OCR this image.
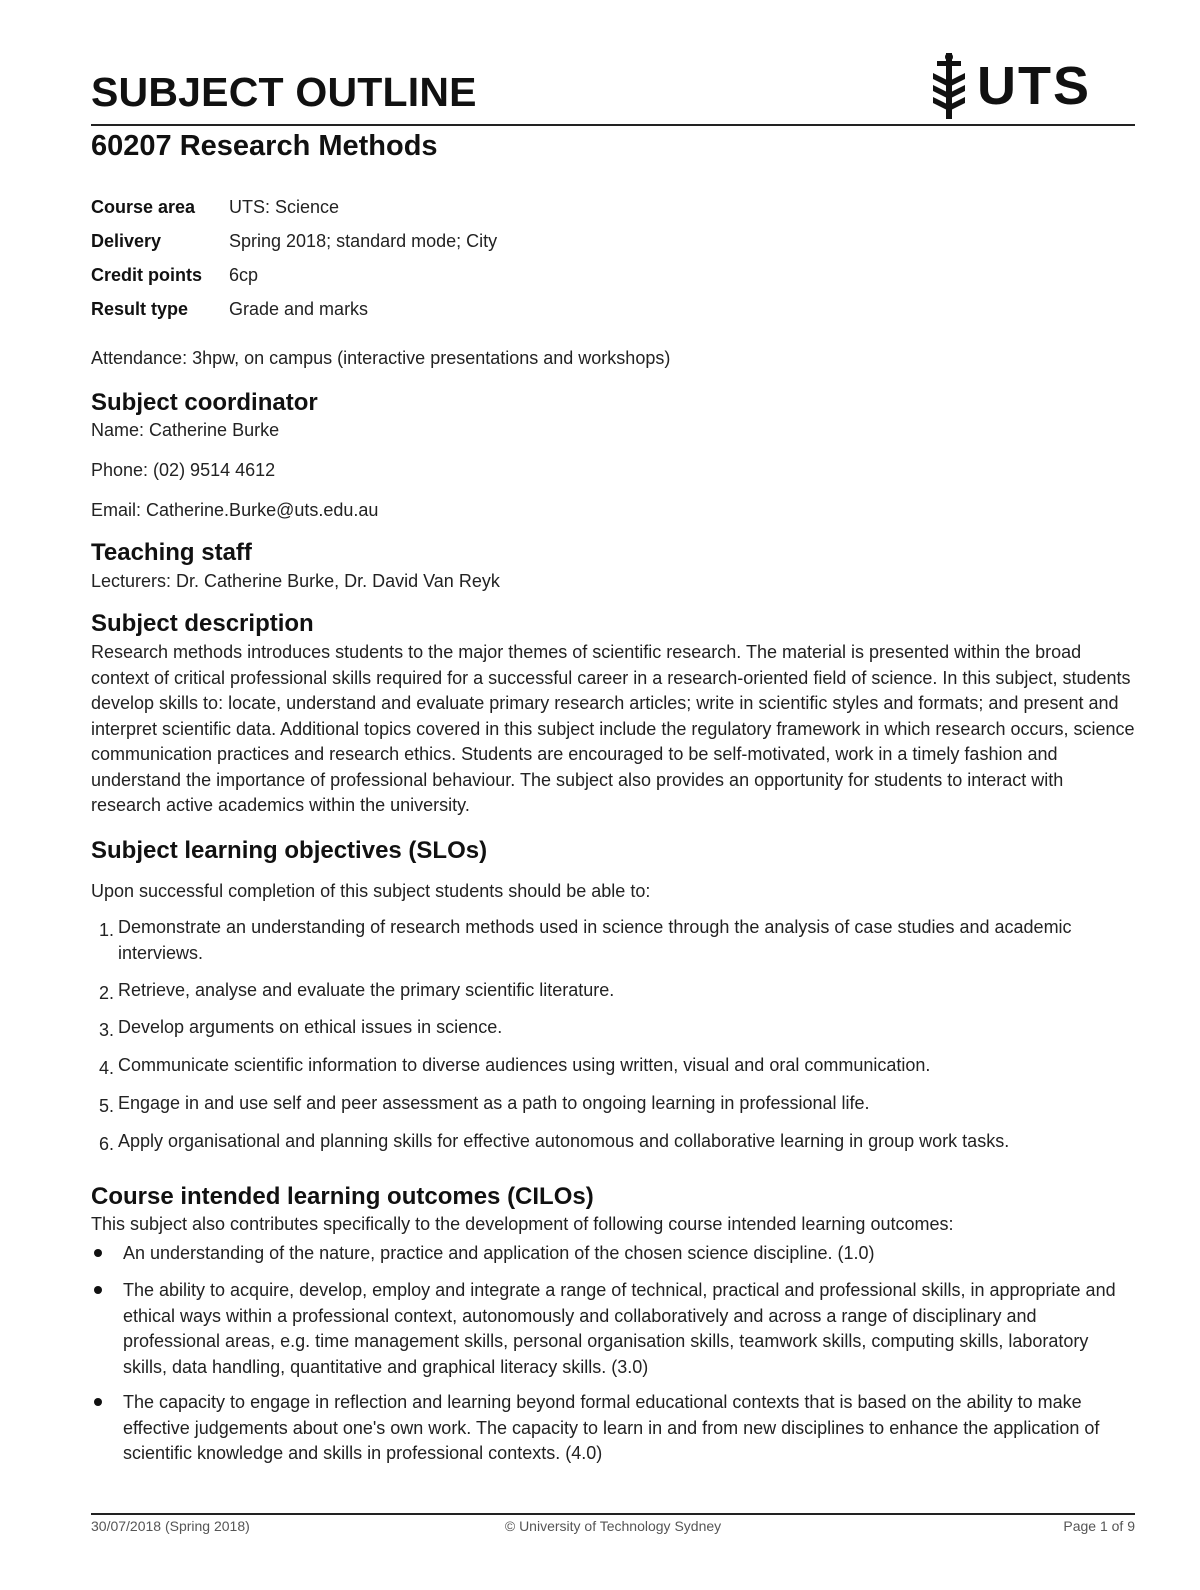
SUBJECT OUTLINE	UTS
60207 Research Methods
Course area	UTS: Science
Delivery	Spring 2018; standard mode; City
Credit points	6cp
Result type	Grade and marks

Attendance: 3hpw, on campus (interactive presentations and workshops)

Subject coordinator

Name: Catherine Burke

Phone: (02) 9514 4612

Email: Catherine.Burke@uts.edu.au

Teaching staff

Lecturers: Dr. Catherine Burke, Dr. David Van Reyk

Subject description

Research methods introduces students to the major themes of scientific research. The material is presented within the broad context of critical professional skills required for a successful career in a research-oriented field of science. In this subject, students develop skills to: locate, understand and evaluate primary research articles; write in scientific styles and formats; and present and interpret scientific data. Additional topics covered in this subject include the regulatory framework in which research occurs, science communication practices and research ethics. Students are encouraged to be self-motivated, work in a timely fashion and understand the importance of professional behaviour. The subject also provides an opportunity for students to interact with research active academics within the university.

Subject learning objectives (SLOs)

Upon successful completion of this subject students should be able to:

1. Demonstrate an understanding of research methods used in science through the analysis of case studies and academic interviews.
2. Retrieve, analyse and evaluate the primary scientific literature.
3. Develop arguments on ethical issues in science.
4. Communicate scientific information to diverse audiences using written, visual and oral communication.
5. Engage in and use self and peer assessment as a path to ongoing learning in professional life.
6. Apply organisational and planning skills for effective autonomous and collaborative learning in group work tasks.
Course intended learning outcomes (CILOs)

This subject also contributes specifically to the development of following course intended learning outcomes:

An understanding of the nature, practice and application of the chosen science discipline. (1.0)
The ability to acquire, develop, employ and integrate a range of technical, practical and professional skills, in appropriate and ethical ways within a professional context, autonomously and collaboratively and across a range of disciplinary and professional areas, e.g. time management skills, personal organisation skills, teamwork skills, computing skills, laboratory skills, data handling, quantitative and graphical literacy skills. (3.0)
The capacity to engage in reflection and learning beyond formal educational contexts that is based on the ability to make effective judgements about one's own work. The capacity to learn in and from new disciplines to enhance the application of scientific knowledge and skills in professional contexts. (4.0)
30/07/2018 (Spring 2018)	© University of Technology Sydney	Page 1 of 9
